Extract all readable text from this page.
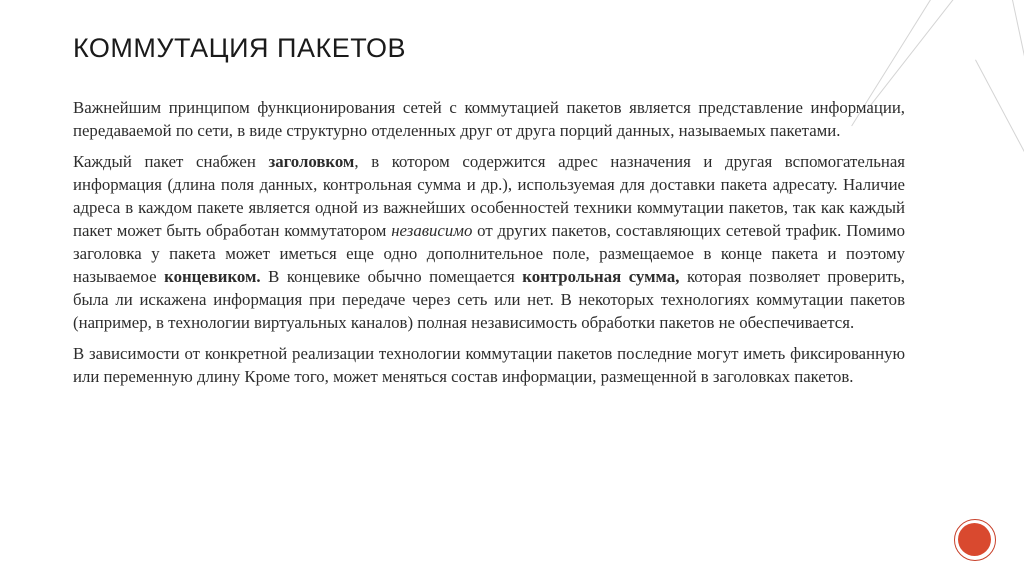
КОММУТАЦИЯ ПАКЕТОВ

Важнейшим принципом функционирования сетей с коммутацией пакетов является представление информации, передаваемой по сети, в виде структурно отделенных друг от друга порций данных, называемых пакетами.

Каждый пакет снабжен заголовком, в котором содержится адрес назначения и другая вспомогательная информация (длина поля данных, контрольная сумма и др.), используемая для доставки пакета адресату. Наличие адреса в каждом пакете является одной из важнейших особенностей техники коммутации пакетов, так как каждый пакет может быть обработан коммутатором независимо от других пакетов, составляющих сетевой трафик. Помимо заголовка у пакета может иметься еще одно дополнительное поле, размещаемое в конце пакета и поэтому называемое концевиком. В концевике обычно помещается контрольная сумма, которая позволяет проверить, была ли искажена информация при передаче через сеть или нет. В некоторых технологиях коммутации пакетов (например, в технологии виртуальных каналов) полная независимость обработки пакетов не обеспечивается.

В зависимости от конкретной реализации технологии коммутации пакетов последние могут иметь фиксированную или переменную длину Кроме того, может меняться состав информации, размещенной в заголовках пакетов.
